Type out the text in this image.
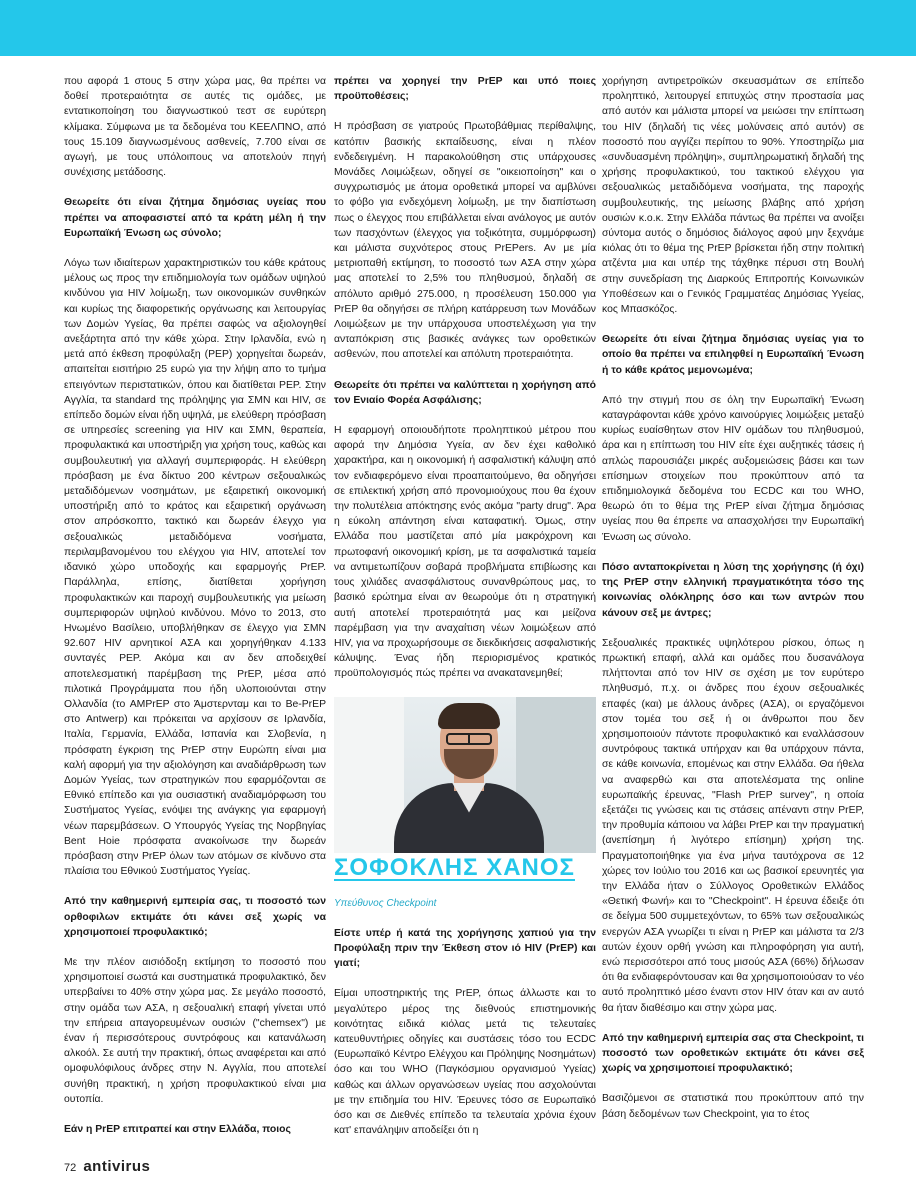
που αφορά 1 στους 5 στην χώρα μας, θα πρέπει να δοθεί προτεραιότητα σε αυτές τις ομάδες, με εντατικοποίηση του διαγνωστικού τεστ σε ευρύτερη κλίμακα. Σύμφωνα με τα δεδομένα του ΚΕΕΛΠΝΟ, από τους 15.109 διαγνωσμένους ασθενείς, 7.700 είναι σε αγωγή, με τους υπόλοιπους να αποτελούν πηγή συνέχισης μετάδοσης.

Θεωρείτε ότι είναι ζήτημα δημόσιας υγείας που πρέπει να αποφασιστεί από τα κράτη μέλη ή την Ευρωπαϊκή Ένωση ως σύνολο;

Λόγω των ιδιαίτερων χαρακτηριστικών του κάθε κράτους μέλους ως προς την επιδημιολογία των ομάδων υψηλού κινδύνου για HIV λοίμωξη, των οικονομικών συνθηκών και κυρίως της διαφορετικής οργάνωσης και λειτουργίας των Δομών Υγείας, θα πρέπει σαφώς να αξιολογηθεί ανεξάρτητα από την κάθε χώρα. Στην Ιρλανδία, ενώ η μετά από έκθεση προφύλαξη (PEP) χορηγείται δωρεάν, απαιτείται εισιτήριο 25 ευρώ για την λήψη απο το τμήμα επειγόντων περιστατικών, όπου και διατίθεται PEP. Στην Αγγλία, τα standard της πρόληψης για ΣΜΝ και HIV, σε επίπεδο δομών είναι ήδη υψηλά, με ελεύθερη πρόσβαση σε υπηρεσίες screening για HIV και ΣΜΝ, θεραπεία, προφυλακτικά και υποστήριξη για χρήση τους, καθώς και συμβουλευτική για αλλαγή συμπεριφοράς. Η ελεύθερη πρόσβαση με ένα δίκτυο 200 κέντρων σεξουαλικώς μεταδιδόμενων νοσημάτων, με εξαιρετική οικονομική υποστήριξη από το κράτος και εξαιρετική οργάνωση στον απρόσκοπτο, τακτικό και δωρεάν έλεγχο για σεξουαλικώς μεταδιδόμενα νοσήματα, περιλαμβανομένου του ελέγχου για HIV, αποτελεί τον ιδανικό χώρο υποδοχής και εφαρμογής PrEP. Παράλληλα, επίσης, διατίθεται χορήγηση προφυλακτικών και παροχή συμβουλευτικής για μείωση συμπεριφορών υψηλού κινδύνου. Μόνο το 2013, στο Ηνωμένο Βασίλειο, υποβλήθηκαν σε έλεγχο για ΣΜΝ 92.607 HIV αρνητικοί ΑΣΑ και χορηγήθηκαν 4.133 συνταγές PEP. Ακόμα και αν δεν αποδειχθεί αποτελεσματική παρέμβαση της PrEP, μέσα από πιλοτικά Προγράμματα που ήδη υλοποιούνται στην Ολλανδία (το AMPrEP στο Άμστερνταμ και το Be-PrEP στο Antwerp) και πρόκειται να αρχίσουν σε Ιρλανδία, Ιταλία, Γερμανία, Ελλάδα, Ισπανία και Σλοβενία, η πρόσφατη έγκριση της PrEP στην Ευρώπη είναι μια καλή αφορμή για την αξιολόγηση και αναδιάρθρωση των Δομών Υγείας, των στρατηγικών που εφαρμόζονται σε Εθνικό επίπεδο και για ουσιαστική αναδιαμόρφωση του Συστήματος Υγείας, ενόψει της ανάγκης για εφαρμογή νέων παρεμβάσεων. Ο Υπουργός Υγείας της Νορβηγίας Bent Hoie πρόσφατα ανακοίνωσε την δωρεάν πρόσβαση στην PrEP όλων των ατόμων σε κίνδυνο στα πλαίσια του Εθνικού Συστήματος Υγείας.

Από την καθημερινή εμπειρία σας, τι ποσοστό των ορθοφιλων εκτιμάτε ότι κάνει σεξ χωρίς να χρησιμοποιεί προφυλακτικό;

Με την πλέον αισιόδοξη εκτίμηση το ποσοστό που χρησιμοποιεί σωστά και συστηματικά προφυλακτικό, δεν υπερβαίνει το 40% στην χώρα μας. Σε μεγάλο ποσοστό, στην ομάδα των ΑΣΑ, η σεξουαλική επαφή γίνεται υπό την επήρεια απαγορευμένων ουσιών ("chemsex") με έναν ή περισσότερους συντρόφους και κατανάλωση αλκοόλ. Σε αυτή την πρακτική, όπως αναφέρεται και από ομοφυλόφιλους άνδρες στην Ν. Αγγλία, που αποτελεί συνήθη πρακτική, η χρήση προφυλακτικού είναι μια ουτοπία.

Εάν η PrEP επιτραπεί και στην Ελλάδα, ποιος

πρέπει να χορηγεί την PrEP και υπό ποιες προϋποθέσεις;

Η πρόσβαση σε γιατρούς Πρωτοβάθμιας περίθαλψης, κατόπιν βασικής εκπαίδευσης, είναι η πλέον ενδεδειγμένη. Η παρακολούθηση στις υπάρχουσες Μονάδες Λοιμώξεων, οδηγεί σε "οικειοποίηση" και ο συγχρωτισμός με άτομα οροθετικά μπορεί να αμβλύνει το φόβο για ενδεχόμενη λοίμωξη, με την διαπίστωση πως ο έλεγχος που επιβάλλεται είναι ανάλογος με αυτόν των πασχόντων (έλεγχος για τοξικότητα, συμμόρφωση) και μάλιστα συχνότερος στους PrEPers. Αν με μία μετριοπαθή εκτίμηση, το ποσοστό των ΑΣΑ στην χώρα μας αποτελεί το 2,5% του πληθυσμού, δηλαδή σε απόλυτο αριθμό 275.000, η προσέλευση 150.000 για PrEP θα οδηγήσει σε πλήρη κατάρρευση των Μονάδων Λοιμώξεων με την υπάρχουσα υποστελέχωση για την ανταπόκριση στις βασικές ανάγκες των οροθετικών ασθενών, που αποτελεί και απόλυτη προτεραιότητα.

Θεωρείτε ότι πρέπει να καλύπτεται η χορήγηση από τον Ενιαίο Φορέα Ασφάλισης;

Η εφαρμογή οποιουδήποτε προληπτικού μέτρου που αφορά την Δημόσια Υγεία, αν δεν έχει καθολικό χαρακτήρα, και η οικονομική ή ασφαλιστική κάλυψη από τον ενδιαφερόμενο είναι προαπαιτούμενο, θα οδηγήσει σε επιλεκτική χρήση από προνομιούχους που θα έχουν την πολυτέλεια απόκτησης ενός ακόμα "party drug". Άρα η εύκολη απάντηση είναι καταφατική. Όμως, στην Ελλάδα που μαστίζεται από μία μακρόχρονη και πρωτοφανή οικονομική κρίση, με τα ασφαλιστικά ταμεία να αντιμετωπίζουν σοβαρά προβλήματα επιβίωσης και τους χιλιάδες ανασφάλιστους συνανθρώπους μας, το βασικό ερώτημα είναι αν θεωρούμε ότι η στρατηγική αυτή αποτελεί προτεραιότητά μας και μείζονα παρέμβαση για την αναχαίτιση νέων λοιμώξεων από HIV, για να προχωρήσουμε σε διεκδικήσεις ασφαλιστικής κάλυψης. Ένας ήδη περιορισμένος κρατικός προϋπολογισμός πώς πρέπει να ανακατανεμηθεί;

ΣΟΦΟΚΛΗΣ ΧΑΝΟΣ

Υπεύθυνος Checkpoint

Είστε υπέρ ή κατά της χορήγησης χαπιού για την Προφύλαξη πριν την Έκθεση στον ιό HIV (PrEP) και γιατί;

Είμαι υποστηρικτής της PrEP, όπως άλλωστε και το μεγαλύτερο μέρος της διεθνούς επιστημονικής κοινότητας ειδικά κιόλας μετά τις τελευταίες κατευθυντήριες οδηγίες και συστάσεις τόσο του ECDC (Ευρωπαϊκό Κέντρο Ελέγχου και Πρόληψης Νοσημάτων) όσο και του WHO (Παγκόσμιου οργανισμού Υγείας) καθώς και άλλων οργανώσεων υγείας που ασχολούνται με την επιδημία του HIV. Έρευνες τόσο σε Ευρωπαϊκό όσο και σε Διεθνές επίπεδο τα τελευταία χρόνια έχουν κατ' επανάληψιν αποδείξει ότι η

χορήγηση αντιρετροϊκών σκευασμάτων σε επίπεδο προληπτικό, λειτουργεί επιτυχώς στην προστασία μας από αυτόν και μάλιστα μπορεί να μειώσει την επίπτωση του HIV (δηλαδή τις νέες μολύνσεις από αυτόν) σε ποσοστό που αγγίζει περίπου το 90%. Υποστηρίζω μια «συνδυασμένη πρόληψη», συμπληρωματική δηλαδή της χρήσης προφυλακτικού, του τακτικού ελέγχου για σεξουαλικώς μεταδιδόμενα νοσήματα, της παροχής συμβουλευτικής, της μείωσης βλάβης από χρήση ουσιών κ.ο.κ. Στην Ελλάδα πάντως θα πρέπει να ανοίξει σύντομα αυτός ο δημόσιος διάλογος αφού μην ξεχνάμε κιόλας ότι το θέμα της PrEP βρίσκεται ήδη στην πολιτική ατζέντα μια και υπέρ της τάχθηκε πέρυσι στη Βουλή στην συνεδρίαση της Διαρκούς Επιτροπής Κοινωνικών Υποθέσεων και ο Γενικός Γραμματέας Δημόσιας Υγείας, κος Μπασκόζος.

Θεωρείτε ότι είναι ζήτημα δημόσιας υγείας για το οποίο θα πρέπει να επιληφθεί η Ευρωπαϊκή Ένωση ή το κάθε κράτος μεμονωμένα;

Από την στιγμή που σε όλη την Ευρωπαϊκή Ένωση καταγράφονται κάθε χρόνο καινούργιες λοιμώξεις μεταξύ κυρίως ευαίσθητων στον HIV ομάδων του πληθυσμού, άρα και η επίπτωση του HIV είτε έχει αυξητικές τάσεις ή απλώς παρουσιάζει μικρές αυξομειώσεις βάσει και των επίσημων στοιχείων που προκύπτουν από τα επιδημιολογικά δεδομένα του ECDC και του WHO, θεωρώ ότι το θέμα της PrEP είναι ζήτημα δημόσιας υγείας που θα έπρεπε να απασχολήσει την Ευρωπαϊκή Ένωση ως σύνολο.

Πόσο ανταποκρίνεται η λύση της χορήγησης (ή όχι) της PrEP στην ελληνική πραγματικότητα τόσο της κοινωνίας ολόκληρης όσο και των αντρών που κάνουν σεξ με άντρες;

Σεξουαλικές πρακτικές υψηλότερου ρίσκου, όπως η πρωκτική επαφή, αλλά και ομάδες που δυσανάλογα πλήττονται από τον HIV σε σχέση με τον ευρύτερο πληθυσμό, π.χ. οι άνδρες που έχουν σεξουαλικές επαφές (και) με άλλους άνδρες (ΑΣΑ), οι εργαζόμενοι στον τομέα του σεξ ή οι άνθρωποι που δεν χρησιμοποιούν πάντοτε προφυλακτικό και εναλλάσσουν συντρόφους τακτικά υπήρχαν και θα υπάρχουν πάντα, σε κάθε κοινωνία, επομένως και στην Ελλάδα. Θα ήθελα να αναφερθώ και στα αποτελέσματα της online ευρωπαϊκής έρευνας, "Flash PrEP survey", η οποία εξετάζει τις γνώσεις και τις στάσεις απέναντι στην PrEP, την προθυμία κάποιου να λάβει PrEP και την πραγματική (ανεπίσημη ή λιγότερο επίσημη) χρήση της. Πραγματοποιήθηκε για ένα μήνα ταυτόχρονα σε 12 χώρες τον Ιούλιο του 2016 και ως βασικοί ερευνητές για την Ελλάδα ήταν ο Σύλλογος Οροθετικών Ελλάδος «Θετική Φωνή» και το "Checkpoint". Η έρευνα έδειξε ότι σε δείγμα 500 συμμετεχόντων, το 65% των σεξουαλικώς ενεργών ΑΣΑ γνωρίζει τι είναι η PrEP και μάλιστα τα 2/3 αυτών έχουν ορθή γνώση και πληροφόρηση για αυτή, ενώ περισσότεροι από τους μισούς ΑΣΑ (66%) δήλωσαν ότι θα ενδιαφερόντουσαν και θα χρησιμοποιούσαν το νέο αυτό προληπτικό μέσο έναντι στον HIV όταν και αν αυτό θα ήταν διαθέσιμο και στην χώρα μας.

Από την καθημερινή εμπειρία σας στα Checkpoint, τι ποσοστό των οροθετικών εκτιμάτε ότι κάνει σεξ χωρίς να χρησιμοποιεί προφυλακτικό;

Βασιζόμενοι σε στατιστικά που προκύπτουν από την βάση δεδομένων των Checkpoint, για το έτος

72 antivirus
